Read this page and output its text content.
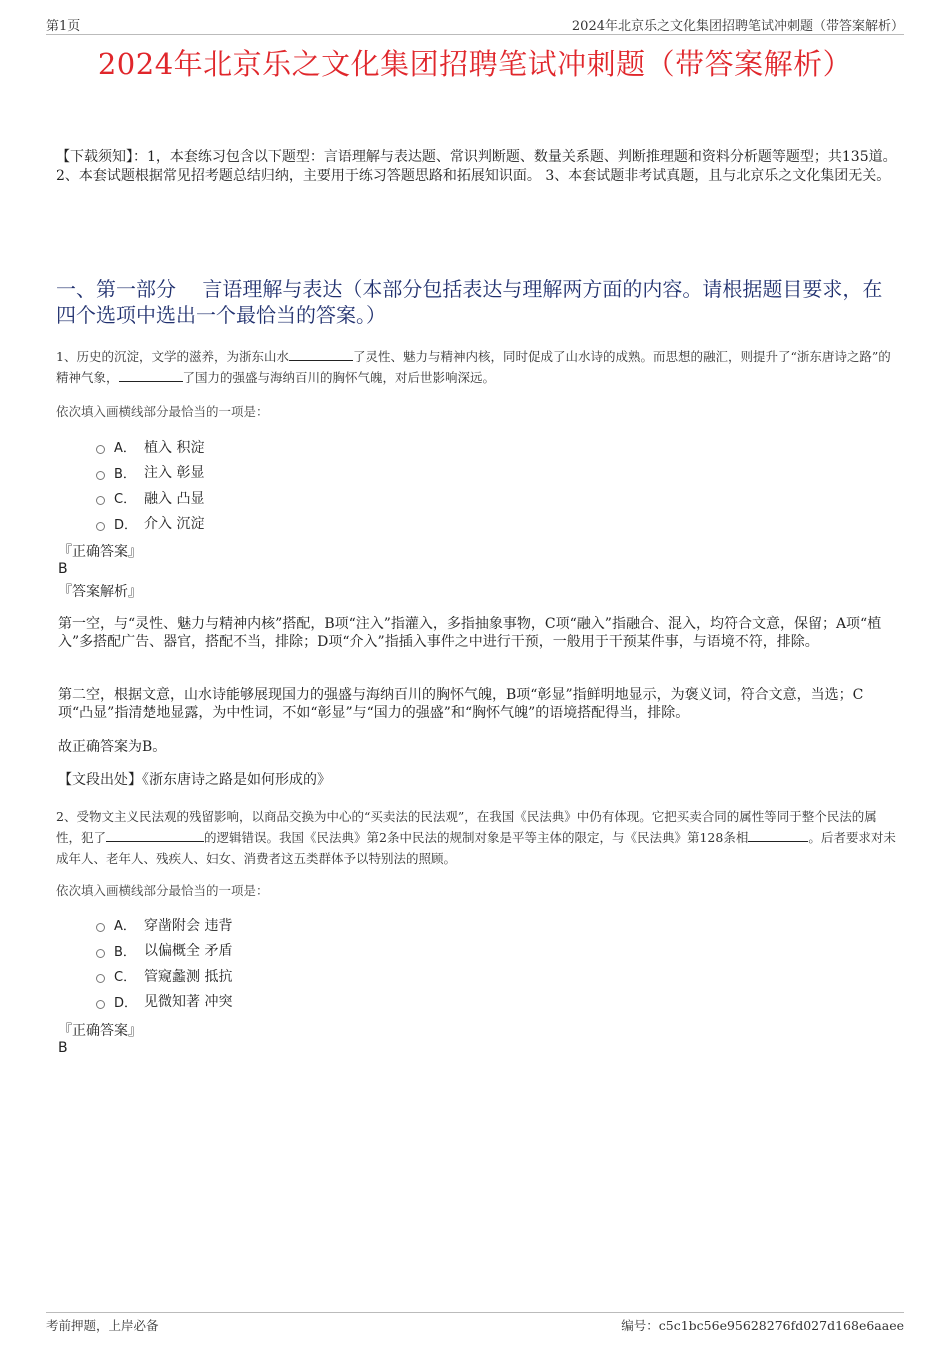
第1页	2024年北京乐之文化集团招聘笔试冲刺题（带答案解析）
2024年北京乐之文化集团招聘笔试冲刺题（带答案解析）
【下载须知】：1，本套练习包含以下题型：言语理解与表达题、常识判断题、数量关系题、判断推理题和资料分析题等题型；共135道。 2、本套试题根据常见招考题总结归纳，主要用于练习答题思路和拓展知识面。 3、本套试题非考试真题，且与北京乐之文化集团无关。
一、第一部分　 言语理解与表达（本部分包括表达与理解两方面的内容。请根据题目要求，在四个选项中选出一个最恰当的答案。）
1、历史的沉淀，文学的滋养，为浙东山水	了灵性、魅力与精神内核，同时促成了山水诗的成熟。而思想的融汇，则提升了“浙东唐诗之路”的精神气象，	了国力的强盛与海纳百川的胸怀气魄，对后世影响深远。
依次填入画横线部分最恰当的一项是：
A． 植入 积淀
B． 注入 彰显
C． 融入 凸显
D． 介入 沉淀
『正确答案』
B
『答案解析』
第一空，与“灵性、魅力与精神内核”搭配，B项“注入”指灌入，多指抽象事物，C项“融入”指融合、混入，均符合文意，保留；A项“植入”多搭配广告、器官，搭配不当，排除；D项“介入”指插入事件之中进行干预，一般用于干预某件事，与语境不符，排除。
第二空，根据文意，山水诗能够展现国力的强盛与海纳百川的胸怀气魄，B项“彰显”指鲜明地显示，为褒义词，符合文意，当选；C项“凸显”指清楚地显露，为中性词，不如“彰显”与“国力的强盛”和“胸怀气魄”的语境搭配得当，排除。
故正确答案为B。
【文段出处】《浙东唐诗之路是如何形成的》
2、受物文主义民法观的残留影响，以商品交换为中心的“买卖法的民法观”，在我国《民法典》中仍有体现。它把买卖合同的属性等同于整个民法的属性，犯了	的逻辑错误。我国《民法典》第2条中民法的规制对象是平等主体的限定，与《民法典》第128条相	。后者要求对未成年人、老年人、残疾人、妇女、消费者这五类群体予以特别法的照顾。
依次填入画横线部分最恰当的一项是：
A． 穿凿附会 违背
B． 以偏概全 矛盾
C． 管窥蠡测 抵抗
D． 见微知著 冲突
『正确答案』
B
考前押题，上岸必备	编号：c5c1bc56e95628276fd027d168e6aaee
